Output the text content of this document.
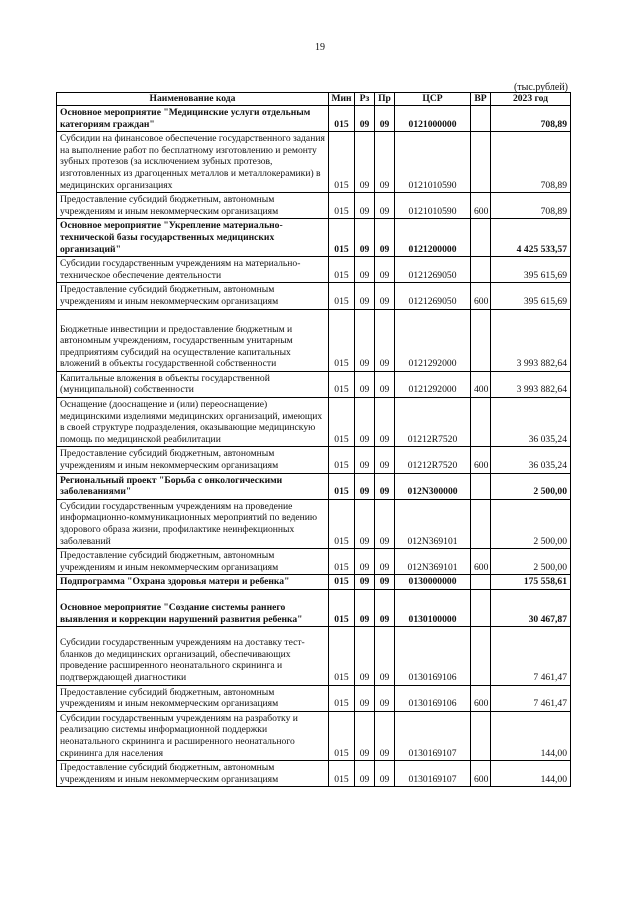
19
(тыс.рублей)
Наименование кода	Мин	Рз	Пр	ЦСР	ВР	2023 год
Основное мероприятие "Медицинские услуги отдельным категориям граждан"	015	09	09	0121000000		708,89
Субсидии на финансовое обеспечение государственного задания на выполнение работ по бесплатному изготовлению и ремонту зубных протезов (за исключением зубных протезов, изготовленных из драгоценных металлов и металлокерамики) в медицинских организациях	015	09	09	0121010590		708,89
Предоставление субсидий бюджетным, автономным учреждениям и иным некоммерческим организациям	015	09	09	0121010590	600	708,89
Основное мероприятие "Укрепление материально-технической базы государственных медицинских организаций"	015	09	09	0121200000		4 425 533,57
Субсидии государственным учреждениям на материально-техническое обеспечение деятельности	015	09	09	0121269050		395 615,69
Предоставление субсидий бюджетным, автономным учреждениям и иным некоммерческим организациям	015	09	09	0121269050	600	395 615,69
Бюджетные инвестиции и предоставление бюджетным и автономным учреждениям, государственным унитарным предприятиям субсидий на осуществление капитальных вложений в объекты государственной собственности	015	09	09	0121292000		3 993 882,64
Капитальные вложения в объекты государственной (муниципальной) собственности	015	09	09	0121292000	400	3 993 882,64
Оснащение (дооснащение и (или) переоснащение) медицинскими изделиями медицинских организаций, имеющих в своей структуре подразделения, оказывающие медицинскую помощь по медицинской реабилитации	015	09	09	01212R7520		36 035,24
Предоставление субсидий бюджетным, автономным учреждениям и иным некоммерческим организациям	015	09	09	01212R7520	600	36 035,24
Региональный проект "Борьба с онкологическими заболеваниями"	015	09	09	012N300000		2 500,00
Субсидии государственным учреждениям на проведение информационно-коммуникационных мероприятий по ведению здорового образа жизни, профилактике неинфекционных заболеваний	015	09	09	012N369101		2 500,00
Предоставление субсидий бюджетным, автономным учреждениям и иным некоммерческим организациям	015	09	09	012N369101	600	2 500,00
Подпрограмма "Охрана здоровья матери и ребенка"	015	09	09	0130000000		175 558,61
Основное мероприятие "Создание системы раннего выявления и коррекции нарушений развития ребенка"	015	09	09	0130100000		30 467,87
Субсидии государственным учреждениям на доставку тест-бланков до медицинских организаций, обеспечивающих проведение расширенного неонатального скрининга и подтверждающей диагностики	015	09	09	0130169106		7 461,47
Предоставление субсидий бюджетным, автономным учреждениям и иным некоммерческим организациям	015	09	09	0130169106	600	7 461,47
Субсидии государственным учреждениям на разработку и реализацию системы информационной поддержки неонатального скрининга и расширенного неонатального скрининга для населения	015	09	09	0130169107		144,00
Предоставление субсидий бюджетным, автономным учреждениям и иным некоммерческим организациям	015	09	09	0130169107	600	144,00
